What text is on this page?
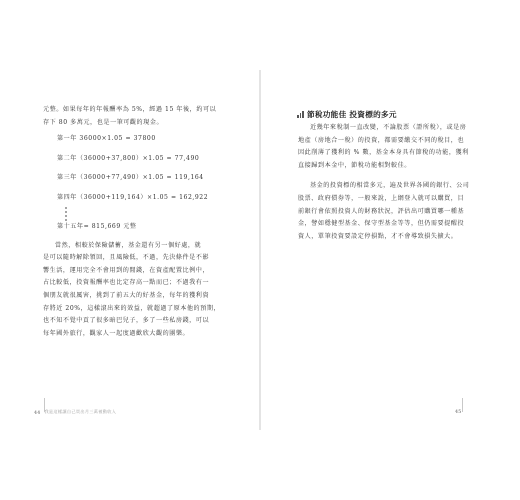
元整。如果每年的年報酬率為 5%，經過 15 年後，約可以

存下 80 多萬元，也是一筆可觀的現金。

第一年 36000×1.05 = 37800

第二年（36000+37,800）×1.05 = 77,490

第三年（36000+77,490）×1.05 = 119,164

第四年（36000+119,164）×1.05 = 162,922

第十五年= 815,669 元整

當然，相較於保險儲蓄，基金還有另一個好處，就

是可以隨時解除領回，且風險低，不過，先決條件是不影

響生活，運用完全不會用到的閒錢，在資產配置比例中，

占比較低，投資報酬率也比定存高一點而已；不過我有一

個朋友就很厲害，挑到了前五大的好基金，每年的獲利資

存將近 20%，這樣滾出來的效益，就超過了原本他的預期，

也不知不覺中貢了很多暗巴兒子，多了一些私房錢，可以

每年國外旅行，觀家人一起度過歡欣大觀的團樂。

44 我是這樣讓自己買出月三萬被動收入
節稅功能佳 投資標的多元

近幾年來稅制一直改變，不論股票（證所稅），或是房

地產（房地合一稅）的投資，都需要繳交不同的稅目，也

因此削薄了獲利的 % 數，基金本身具有節稅的功能，獲利

直接歸到本金中，節稅功能相對較佳。

基金的投資標的相當多元，遍及世界各國的銀行、公司

股票、政府債券等，一般來說，上網登入就可以購買，目

前銀行會依照投資人的財務狀況，評估出可購買哪一種基

金，譬如穩健型基金、保守型基金等等，但仍需要提醒投

資人，單筆投資要設定停損點，才不會導致損失擴大。

45
